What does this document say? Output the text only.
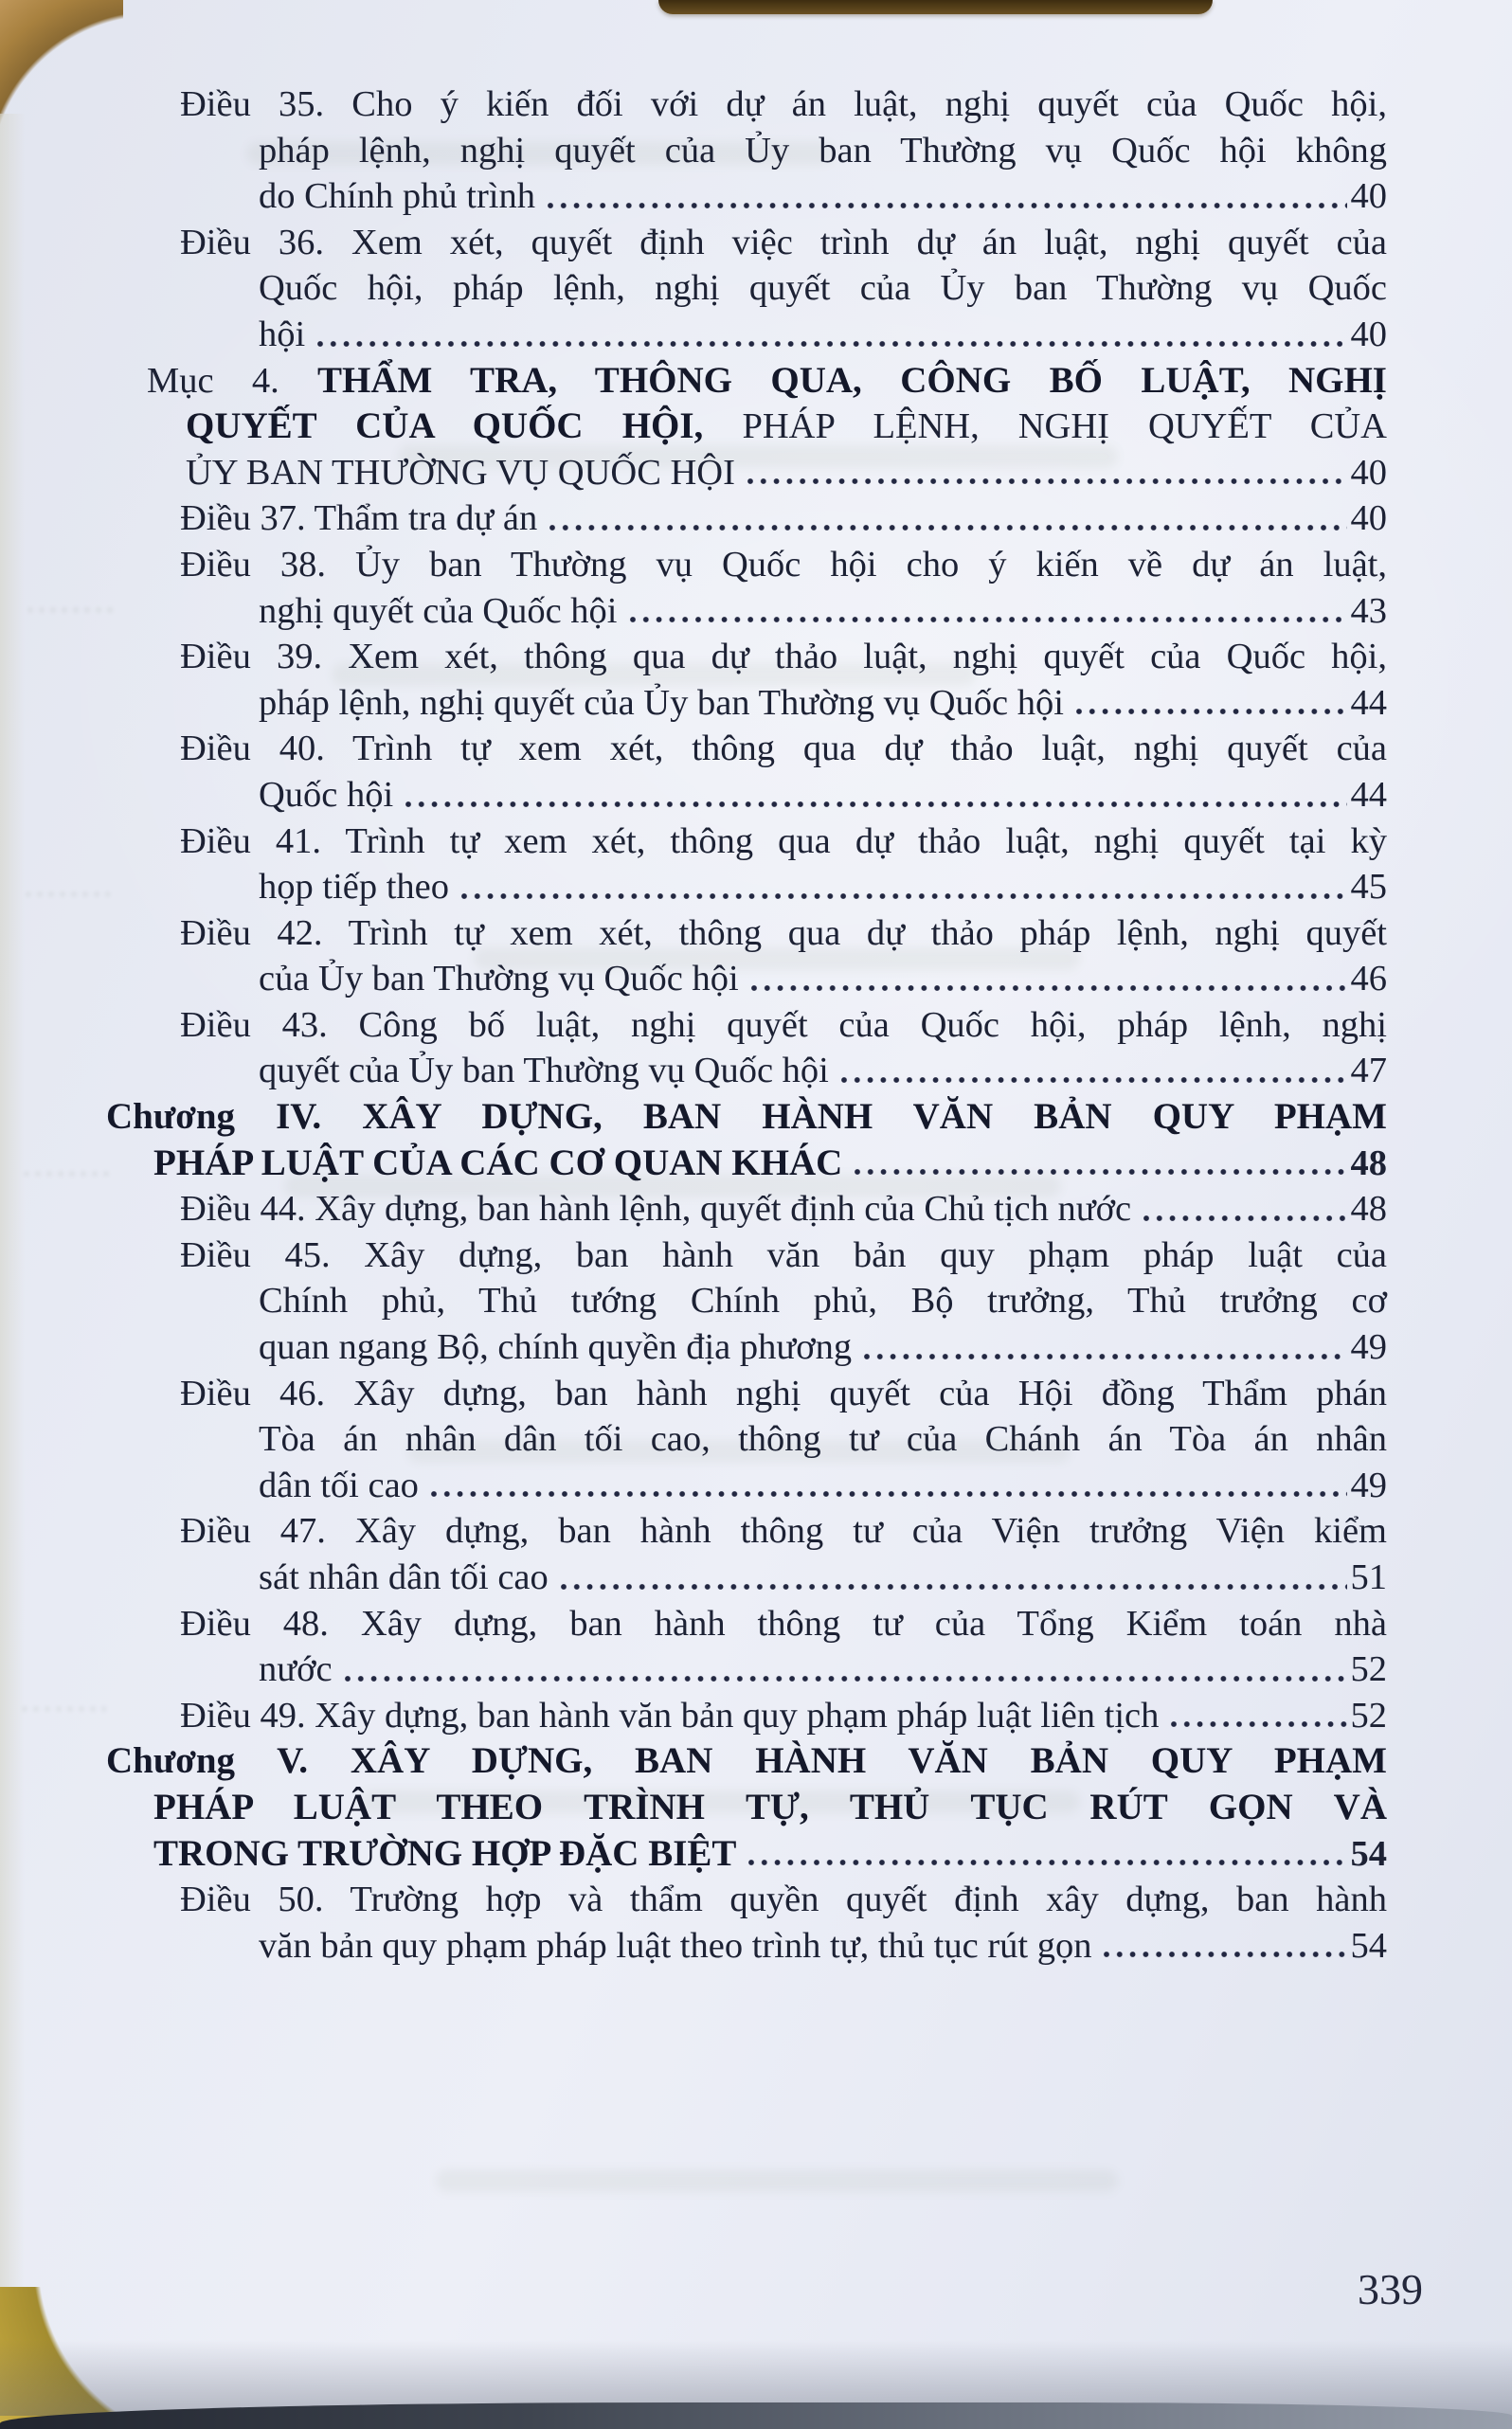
Điều 35. Cho ý kiến đối với dự án luật, nghị quyết của Quốc hội,
pháp lệnh, nghị quyết của Ủy ban Thường vụ Quốc hội không
do Chính phủ trình	40
Điều 36. Xem xét, quyết định việc trình dự án luật, nghị quyết của
Quốc hội, pháp lệnh, nghị quyết của Ủy ban Thường vụ Quốc
hội	40
Mục 4. THẨM TRA, THÔNG QUA, CÔNG BỐ LUẬT, NGHỊ
QUYẾT CỦA QUỐC HỘI, PHÁP LỆNH, NGHỊ QUYẾT CỦA
ỦY BAN THƯỜNG VỤ QUỐC HỘI	40
Điều 37. Thẩm tra dự án	40
Điều 38. Ủy ban Thường vụ Quốc hội cho ý kiến về dự án luật,
nghị quyết của Quốc hội	43
Điều 39. Xem xét, thông qua dự thảo luật, nghị quyết của Quốc hội,
pháp lệnh, nghị quyết của Ủy ban Thường vụ Quốc hội	44
Điều 40. Trình tự xem xét, thông qua dự thảo luật, nghị quyết của
Quốc hội	44
Điều 41. Trình tự xem xét, thông qua dự thảo luật, nghị quyết tại kỳ
họp tiếp theo	45
Điều 42. Trình tự xem xét, thông qua dự thảo pháp lệnh, nghị quyết
của Ủy ban Thường vụ Quốc hội	46
Điều 43. Công bố luật, nghị quyết của Quốc hội, pháp lệnh, nghị
quyết của Ủy ban Thường vụ Quốc hội	47
Chương IV. XÂY DỰNG, BAN HÀNH VĂN BẢN QUY PHẠM
PHÁP LUẬT CỦA CÁC CƠ QUAN KHÁC	48
Điều 44. Xây dựng, ban hành lệnh, quyết định của Chủ tịch nước	48
Điều 45. Xây dựng, ban hành văn bản quy phạm pháp luật của
Chính phủ, Thủ tướng Chính phủ, Bộ trưởng, Thủ trưởng cơ
quan ngang Bộ, chính quyền địa phương	49
Điều 46. Xây dựng, ban hành nghị quyết của Hội đồng Thẩm phán
Tòa án nhân dân tối cao, thông tư của Chánh án Tòa án nhân
dân tối cao	49
Điều 47. Xây dựng, ban hành thông tư của Viện trưởng Viện kiểm
sát nhân dân tối cao	51
Điều 48. Xây dựng, ban hành thông tư của Tổng Kiểm toán nhà
nước	52
Điều 49. Xây dựng, ban hành văn bản quy phạm pháp luật liên tịch	52
Chương V. XÂY DỰNG, BAN HÀNH VĂN BẢN QUY PHẠM
PHÁP LUẬT THEO TRÌNH TỰ, THỦ TỤC RÚT GỌN VÀ
TRONG TRƯỜNG HỢP ĐẶC BIỆT	54
Điều 50. Trường hợp và thẩm quyền quyết định xây dựng, ban hành
văn bản quy phạm pháp luật theo trình tự, thủ tục rút gọn	54
339
